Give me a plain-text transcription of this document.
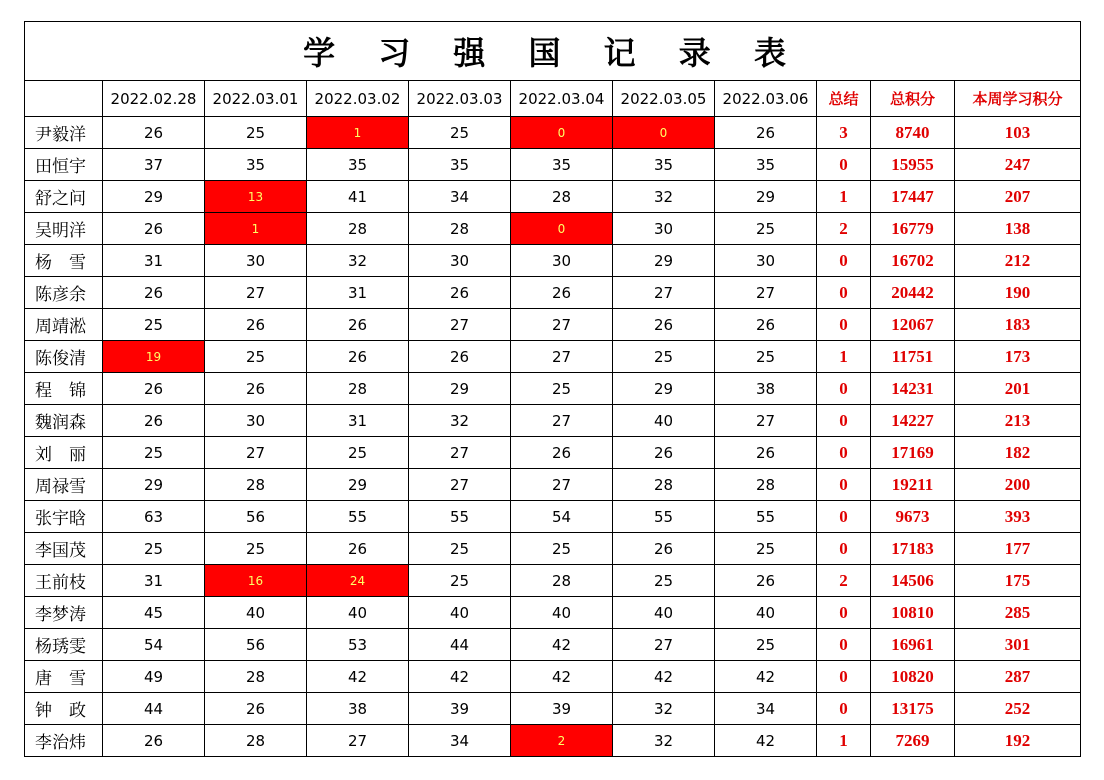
学 习 强 国 记 录 表										
	2022.02.28	2022.03.01	2022.03.02	2022.03.03	2022.03.04	2022.03.05	2022.03.06	总结	总积分	本周学习积分
尹毅洋	26	25	1	25	0	0	26	3	8740	103
田恒宇	37	35	35	35	35	35	35	0	15955	247
舒之问	29	13	41	34	28	32	29	1	17447	207
吴明洋	26	1	28	28	0	30	25	2	16779	138
杨　雪	31	30	32	30	30	29	30	0	16702	212
陈彦余	26	27	31	26	26	27	27	0	20442	190
周靖淞	25	26	26	27	27	26	26	0	12067	183
陈俊清	19	25	26	26	27	25	25	1	11751	173
程　锦	26	26	28	29	25	29	38	0	14231	201
魏润森	26	30	31	32	27	40	27	0	14227	213
刘　丽	25	27	25	27	26	26	26	0	17169	182
周禄雪	29	28	29	27	27	28	28	0	19211	200
张宇晗	63	56	55	55	54	55	55	0	9673	393
李国茂	25	25	26	25	25	26	25	0	17183	177
王前枝	31	16	24	25	28	25	26	2	14506	175
李梦涛	45	40	40	40	40	40	40	0	10810	285
杨琇雯	54	56	53	44	42	27	25	0	16961	301
唐　雪	49	28	42	42	42	42	42	0	10820	287
钟　政	44	26	38	39	39	32	34	0	13175	252
李治炜	26	28	27	34	2	32	42	1	7269	192
